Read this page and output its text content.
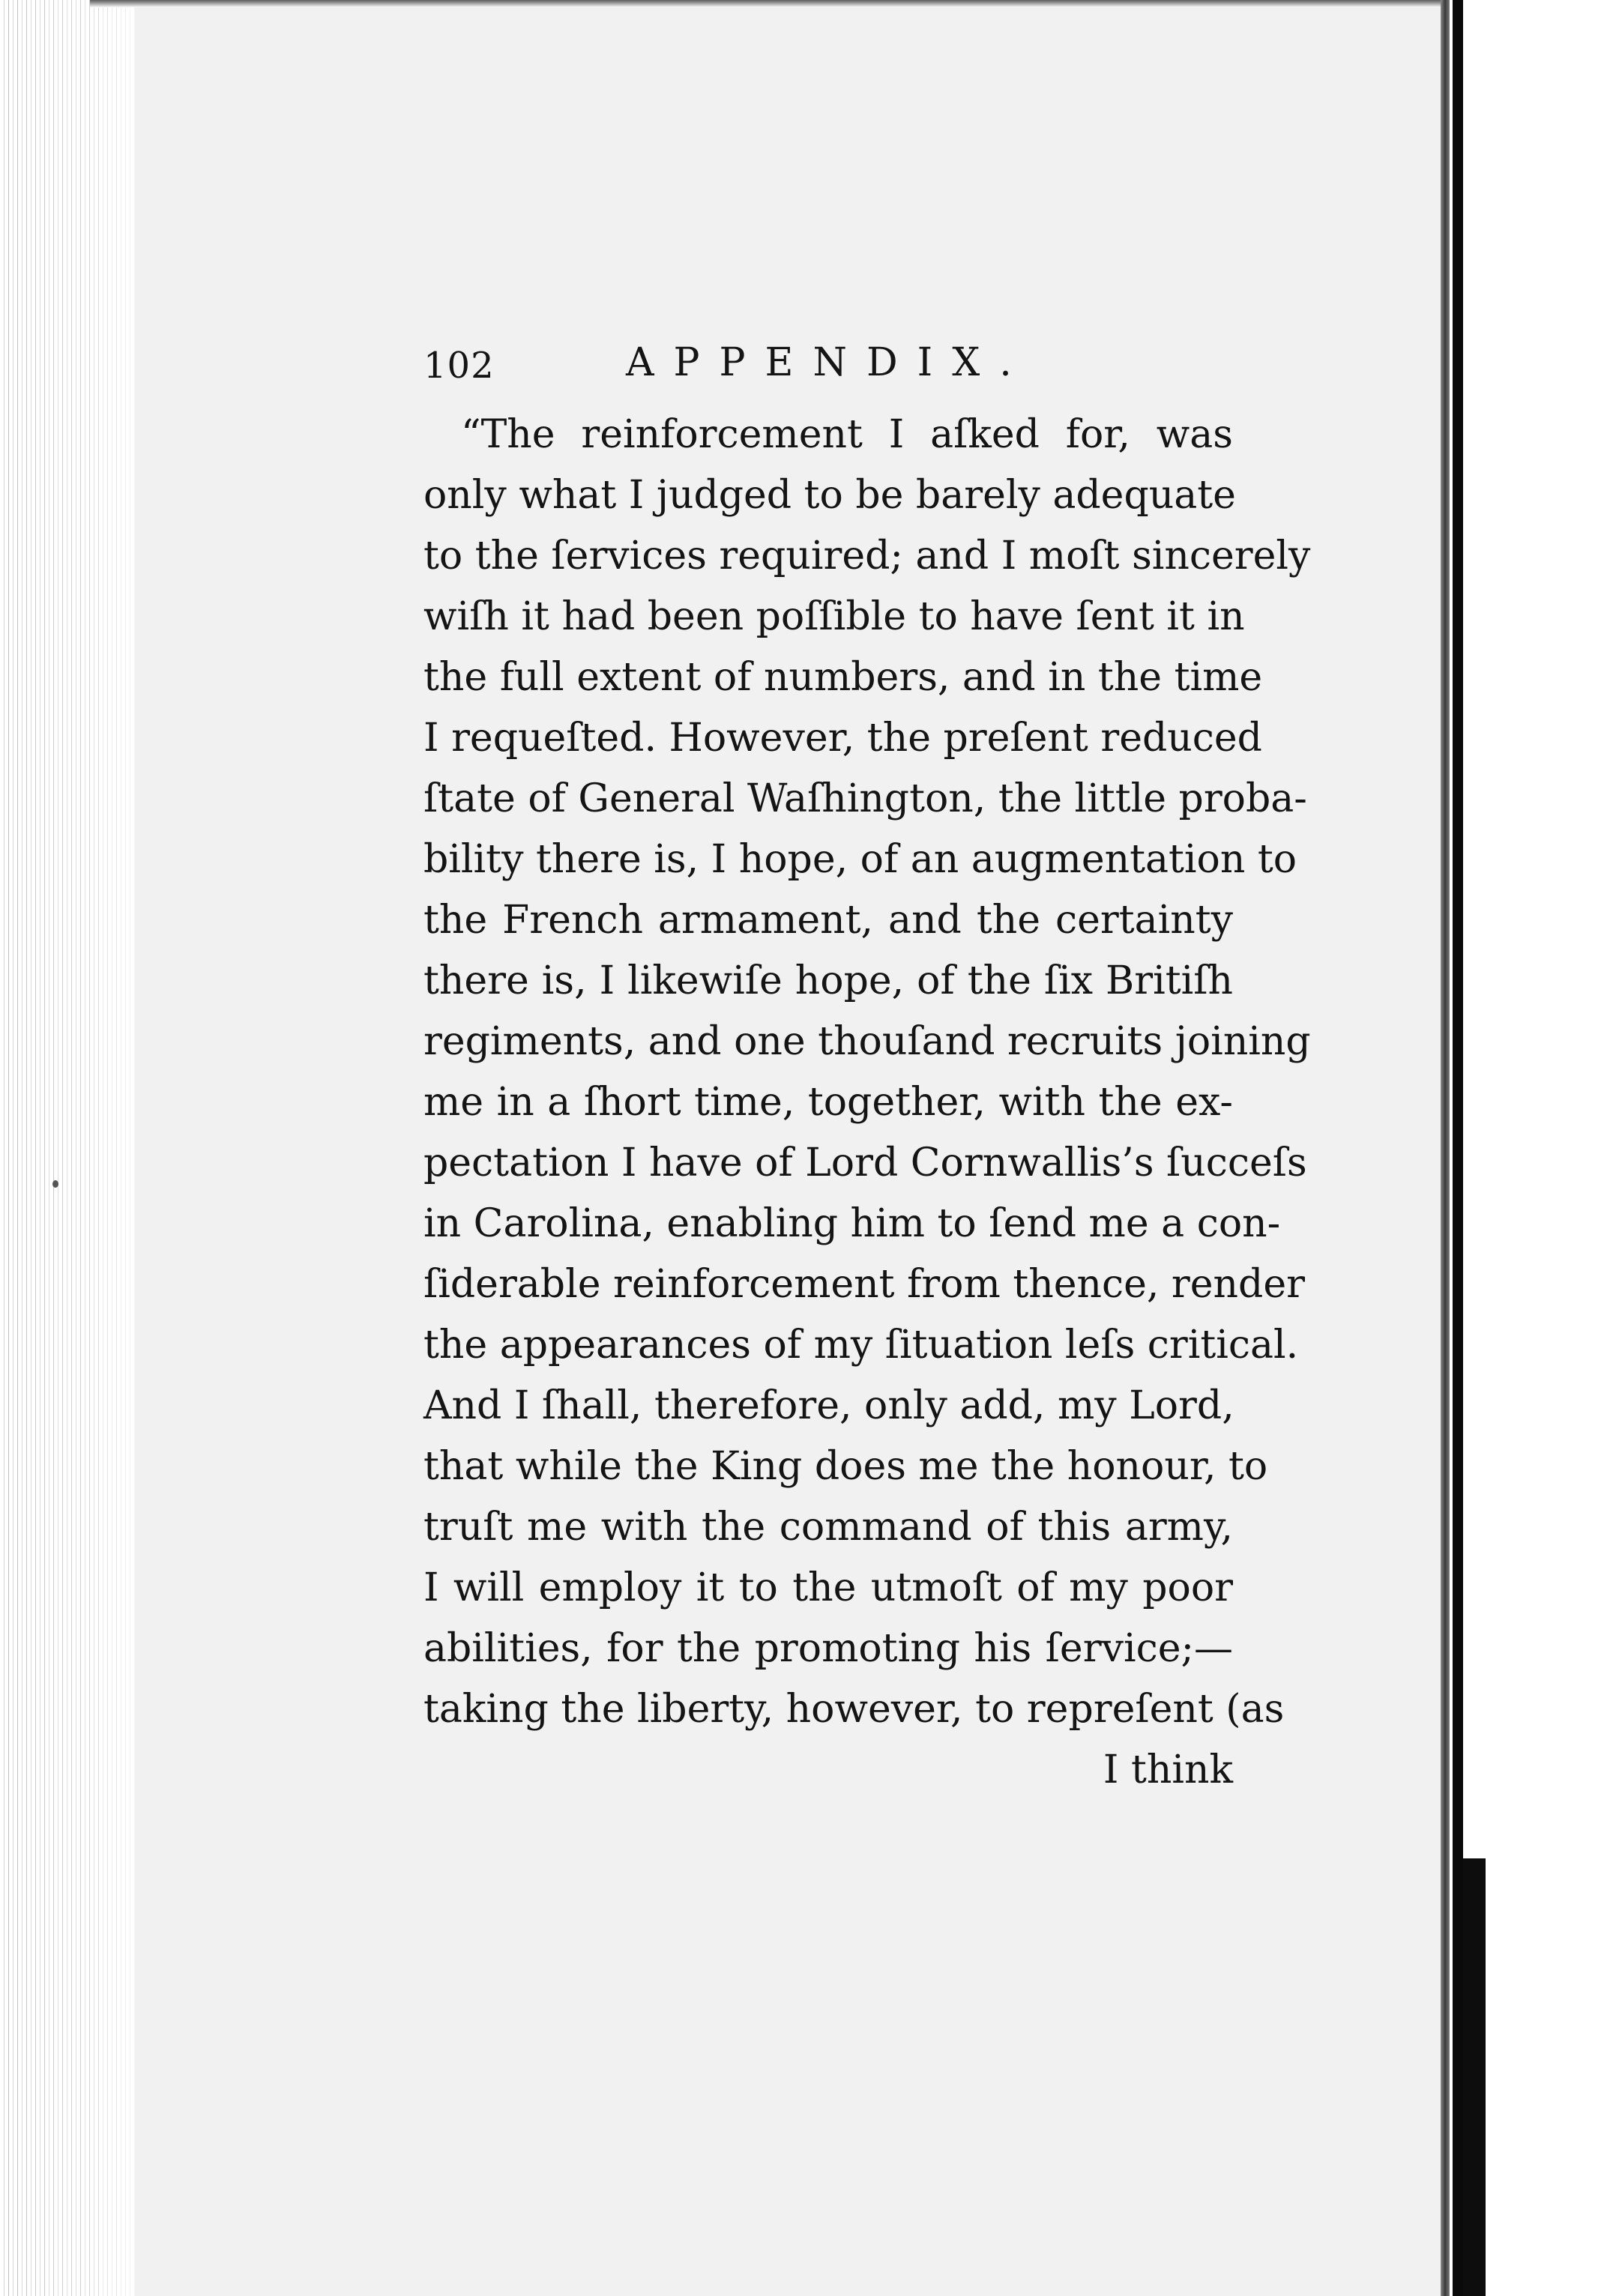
102	APPENDIX.
“The reinforcement I aſked for, was
only what I judged to be barely adequate
to the ſervices required; and I moſt sincerely
wiſh it had been poſſible to have ſent it in
the full extent of numbers, and in the time
I requeſted. However, the preſent reduced
ſtate of General Waſhington, the little proba-
bility there is, I hope, of an augmentation to
the French armament, and the certainty
there is, I likewiſe hope, of the ſix Britiſh
regiments, and one thouſand recruits joining
me in a ſhort time, together, with the ex-
pectation I have of Lord Cornwallis’s ſucceſs
in Carolina, enabling him to ſend me a con-
ſiderable reinforcement from thence, render
the appearances of my ſituation leſs critical.
And I ſhall, therefore, only add, my Lord,
that while the King does me the honour, to
truſt me with the command of this army,
I will employ it to the utmoſt of my poor
abilities, for the promoting his ſervice;—
taking the liberty, however, to repreſent (as
I think
